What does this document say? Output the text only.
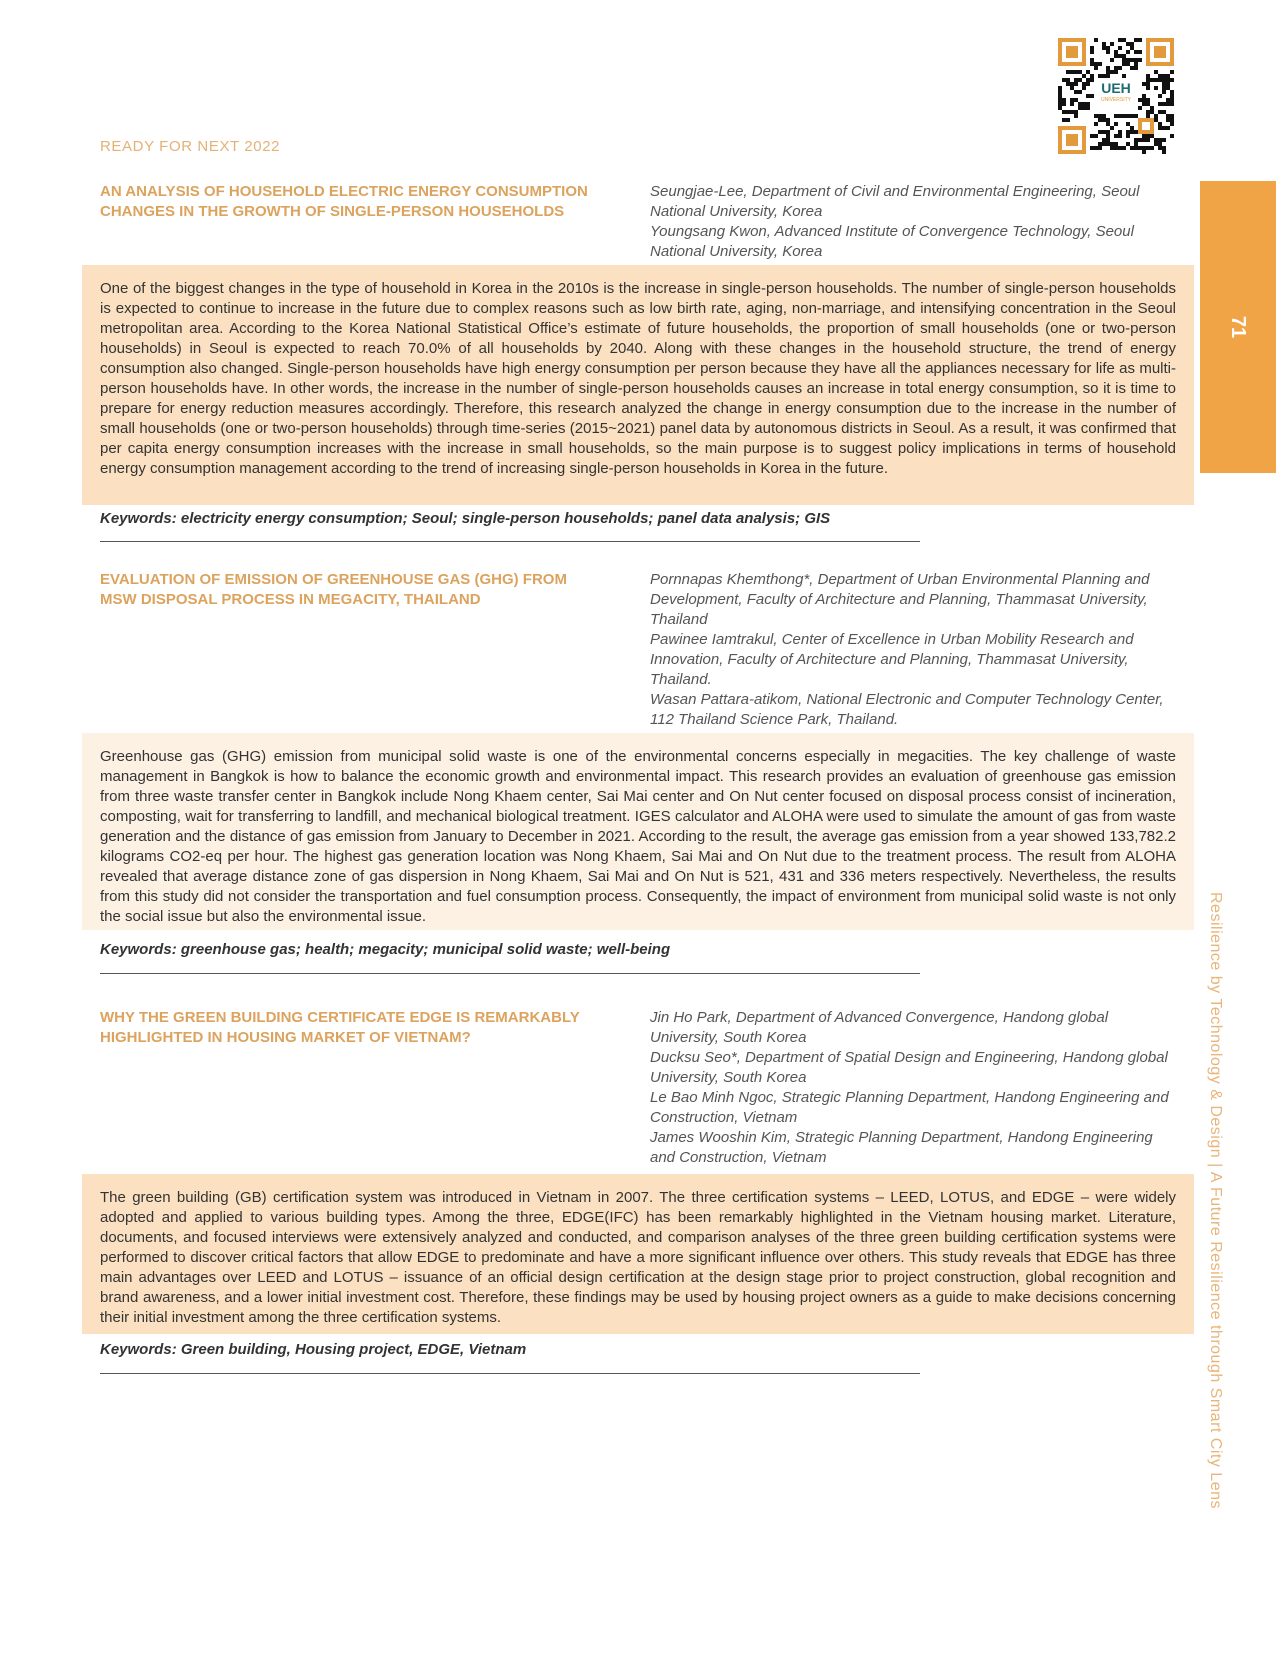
UEH
UNIVERSITY
READY FOR NEXT 2022
71
Resilience by Technology & Design | A Future Resilience through Smart City Lens
AN ANALYSIS OF HOUSEHOLD ELECTRIC ENERGY CONSUMPTION CHANGES IN THE GROWTH OF SINGLE-PERSON HOUSEHOLDS
Seungjae-Lee, Department of Civil and Environmental Engineering, Seoul National University, Korea
Youngsang Kwon, Advanced Institute of Convergence Technology, Seoul National University, Korea
One of the biggest changes in the type of household in Korea in the 2010s is the increase in single-person households. The number of single-person households is expected to continue to increase in the future due to complex reasons such as low birth rate, aging, non-marriage, and intensifying concentration in the Seoul metropolitan area. According to the Korea National Statistical Office’s estimate of future households, the proportion of small households (one or two-person households) in Seoul is expected to reach 70.0% of all households by 2040. Along with these changes in the household structure, the trend of energy consumption also changed. Single-person households have high energy consumption per person because they have all the appliances necessary for life as multi-person households have. In other words, the increase in the number of single-person households causes an increase in total energy consumption, so it is time to prepare for energy reduction measures accordingly. Therefore, this research analyzed the change in energy consumption due to the increase in the number of small households (one or two-person households) through time-series (2015~2021) panel data by autonomous districts in Seoul. As a result, it was confirmed that per capita energy consumption increases with the increase in small households, so the main purpose is to suggest policy implications in terms of household energy consumption management according to the trend of increasing single-person households in Korea in the future.
Keywords: electricity energy consumption; Seoul; single-person households; panel data analysis; GIS
EVALUATION OF EMISSION OF GREENHOUSE GAS (GHG) FROM MSW DISPOSAL PROCESS IN MEGACITY, THAILAND
Pornnapas Khemthong*, Department of Urban Environmental Planning and Development, Faculty of Architecture and Planning, Thammasat University, Thailand
Pawinee Iamtrakul, Center of Excellence in Urban Mobility Research and Innovation, Faculty of Architecture and Planning, Thammasat University, Thailand.
Wasan Pattara-atikom, National Electronic and Computer Technology Center, 112 Thailand Science Park, Thailand.
Greenhouse gas (GHG) emission from municipal solid waste is one of the environmental concerns especially in megacities. The key challenge of waste management in Bangkok is how to balance the economic growth and environmental impact. This research provides an evaluation of greenhouse gas emission from three waste transfer center in Bangkok include Nong Khaem center, Sai Mai center and On Nut center focused on disposal process consist of incineration, composting, wait for transferring to landfill, and mechanical biological treatment. IGES calculator and ALOHA were used to simulate the amount of gas from waste generation and the distance of gas emission from January to December in 2021. According to the result, the average gas emission from a year showed 133,782.2 kilograms CO2-eq per hour. The highest gas generation location was Nong Khaem, Sai Mai and On Nut due to the treatment process. The result from ALOHA revealed that average distance zone of gas dispersion in Nong Khaem, Sai Mai and On Nut is 521, 431 and 336 meters respectively. Nevertheless, the results from this study did not consider the transportation and fuel consumption process. Consequently, the impact of environment from municipal solid waste is not only the social issue but also the environmental issue.
Keywords: greenhouse gas; health; megacity; municipal solid waste; well-being
WHY THE GREEN BUILDING CERTIFICATE EDGE IS REMARKABLY HIGHLIGHTED IN HOUSING MARKET OF VIETNAM?
Jin Ho Park, Department of Advanced Convergence, Handong global University, South Korea
Ducksu Seo*, Department of Spatial Design and Engineering, Handong global University, South Korea
Le Bao Minh Ngoc, Strategic Planning Department, Handong Engineering and Construction, Vietnam
James Wooshin Kim, Strategic Planning Department, Handong Engineering and Construction, Vietnam
The green building (GB) certification system was introduced in Vietnam in 2007. The three certification systems – LEED, LOTUS, and EDGE – were widely adopted and applied to various building types. Among the three, EDGE(IFC) has been remarkably highlighted in the Vietnam housing market. Literature, documents, and focused interviews were extensively analyzed and conducted, and comparison analyses of the three green building certification systems were performed to discover critical factors that allow EDGE to predominate and have a more significant influence over others. This study reveals that EDGE has three main advantages over LEED and LOTUS – issuance of an official design certification at the design stage prior to project construction, global recognition and brand awareness, and a lower initial investment cost. Therefore, these findings may be used by housing project owners as a guide to make decisions concerning their initial investment among the three certification systems.
Keywords: Green building, Housing project, EDGE, Vietnam
